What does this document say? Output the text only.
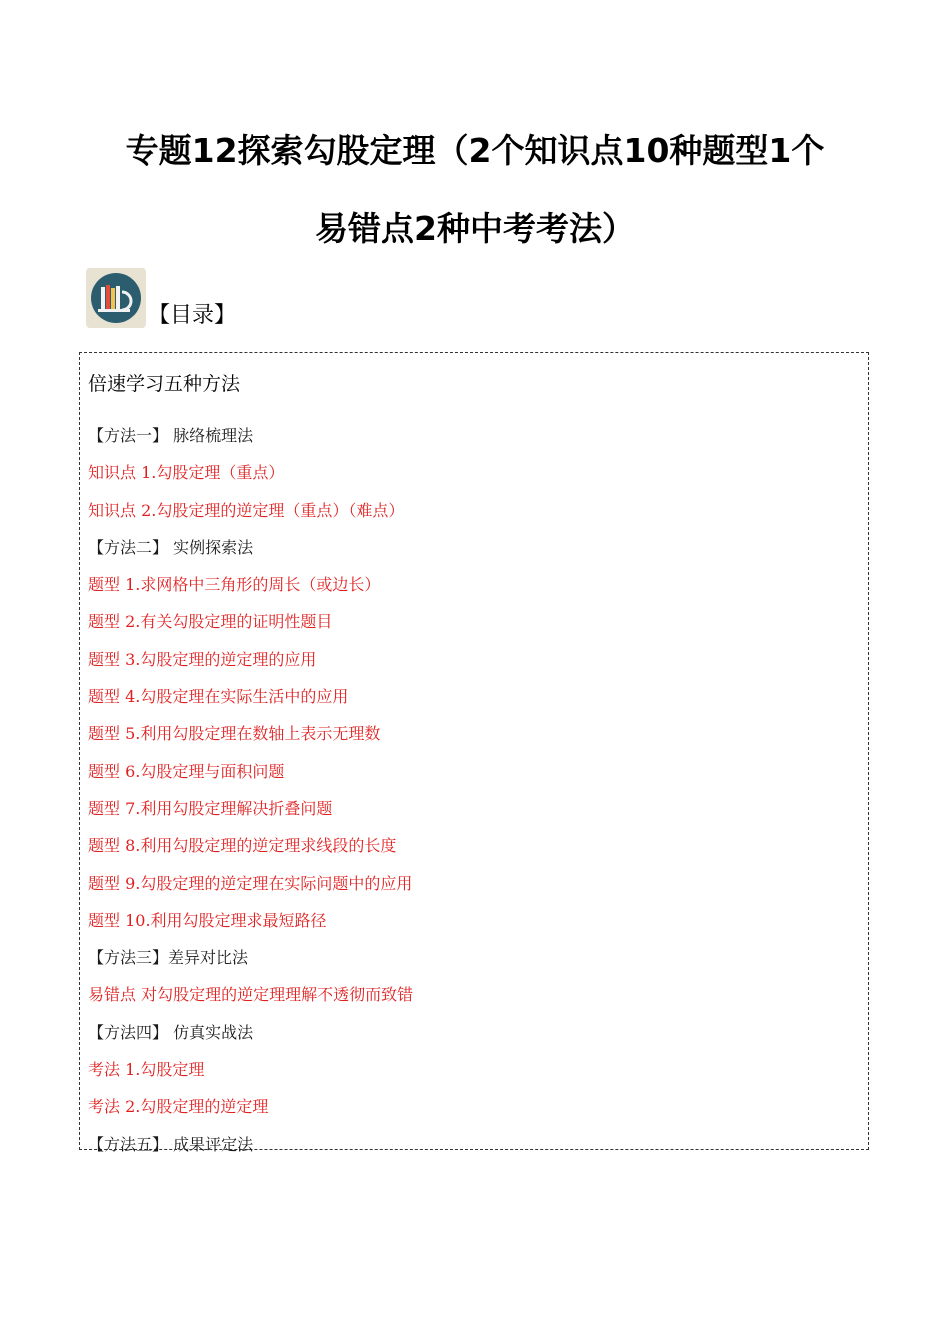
专题12探索勾股定理（2个知识点10种题型1个
易错点2种中考考法）
【目录】
倍速学习五种方法
【方法一】 脉络梳理法
知识点 1.勾股定理（重点）
知识点 2.勾股定理的逆定理（重点）（难点）
【方法二】 实例探索法
题型 1.求网格中三角形的周长（或边长）
题型 2.有关勾股定理的证明性题目
题型 3.勾股定理的逆定理的应用
题型 4.勾股定理在实际生活中的应用
题型 5.利用勾股定理在数轴上表示无理数
题型 6.勾股定理与面积问题
题型 7.利用勾股定理解决折叠问题
题型 8.利用勾股定理的逆定理求线段的长度
题型 9.勾股定理的逆定理在实际问题中的应用
题型 10.利用勾股定理求最短路径
【方法三】差异对比法
易错点 对勾股定理的逆定理理解不透彻而致错
【方法四】 仿真实战法
考法 1.勾股定理
考法 2.勾股定理的逆定理
【方法五】 成果评定法
